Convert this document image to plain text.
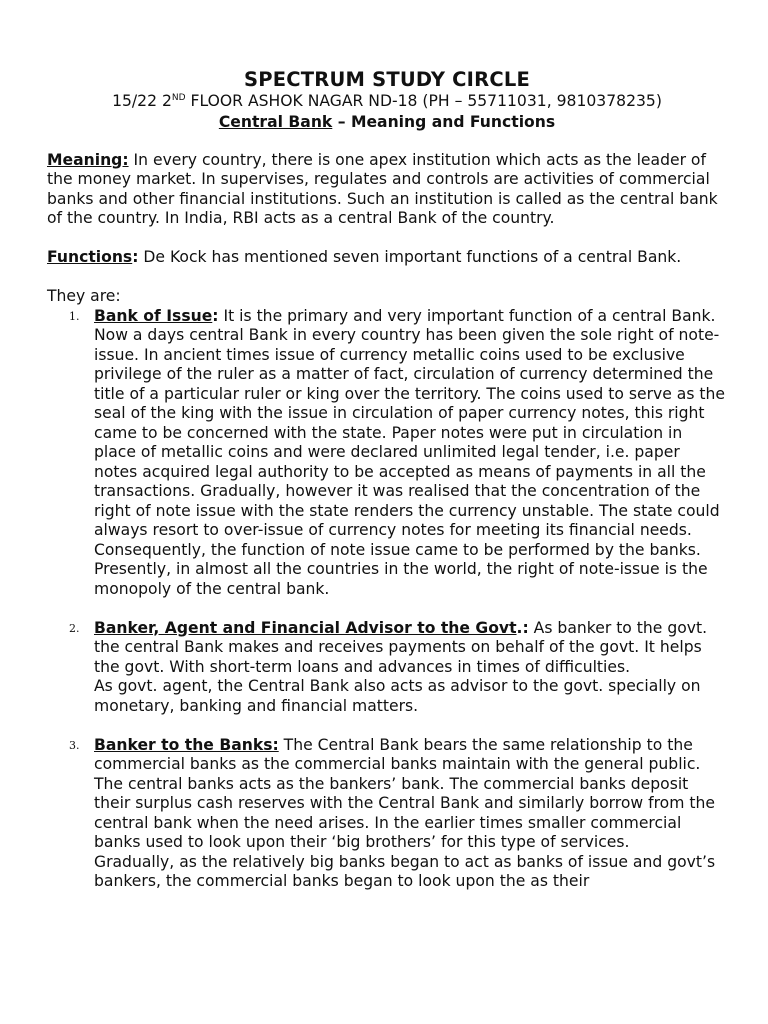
SPECTRUM STUDY CIRCLE

15/22 2ND FLOOR ASHOK NAGAR ND-18 (PH – 55711031, 9810378235)

Central Bank – Meaning and Functions

Meaning: In every country, there is one apex institution which acts as the leader of the money market. In supervises, regulates and controls are activities of commercial banks and other financial institutions. Such an institution is called as the central bank of the country. In India, RBI acts as a central Bank of the country.

Functions: De Kock has mentioned seven important functions of a central Bank.

They are:

1. Bank of Issue: It is the primary and very important function of a central Bank. Now a days central Bank in every country has been given the sole right of note-issue. In ancient times issue of currency metallic coins used to be exclusive privilege of the ruler as a matter of fact, circulation of currency determined the title of a particular ruler or king over the territory. The coins used to serve as the seal of the king with the issue in circulation of paper currency notes, this right came to be concerned with the state. Paper notes were put in circulation in place of metallic coins and were declared unlimited legal tender, i.e. paper notes acquired legal authority to be accepted as means of payments in all the transactions. Gradually, however it was realised that the concentration of the right of note issue with the state renders the currency unstable. The state could always resort to over-issue of currency notes for meeting its financial needs.

Consequently, the function of note issue came to be performed by the banks. Presently, in almost all the countries in the world, the right of note-issue is the monopoly of the central bank.

2. Banker, Agent and Financial Advisor to the Govt.: As banker to the govt. the central Bank makes and receives payments on behalf of the govt. It helps the govt. With short-term loans and advances in times of difficulties.

As govt. agent, the Central Bank also acts as advisor to the govt. specially on monetary, banking and financial matters.

3. Banker to the Banks: The Central Bank bears the same relationship to the commercial banks as the commercial banks maintain with the general public. The central banks acts as the bankers’ bank. The commercial banks deposit their surplus cash reserves with the Central Bank and similarly borrow from the central bank when the need arises. In the earlier times smaller commercial banks used to look upon their ‘big brothers’ for this type of services.

Gradually, as the relatively big banks began to act as banks of issue and govt’s bankers, the commercial banks began to look upon the as their
